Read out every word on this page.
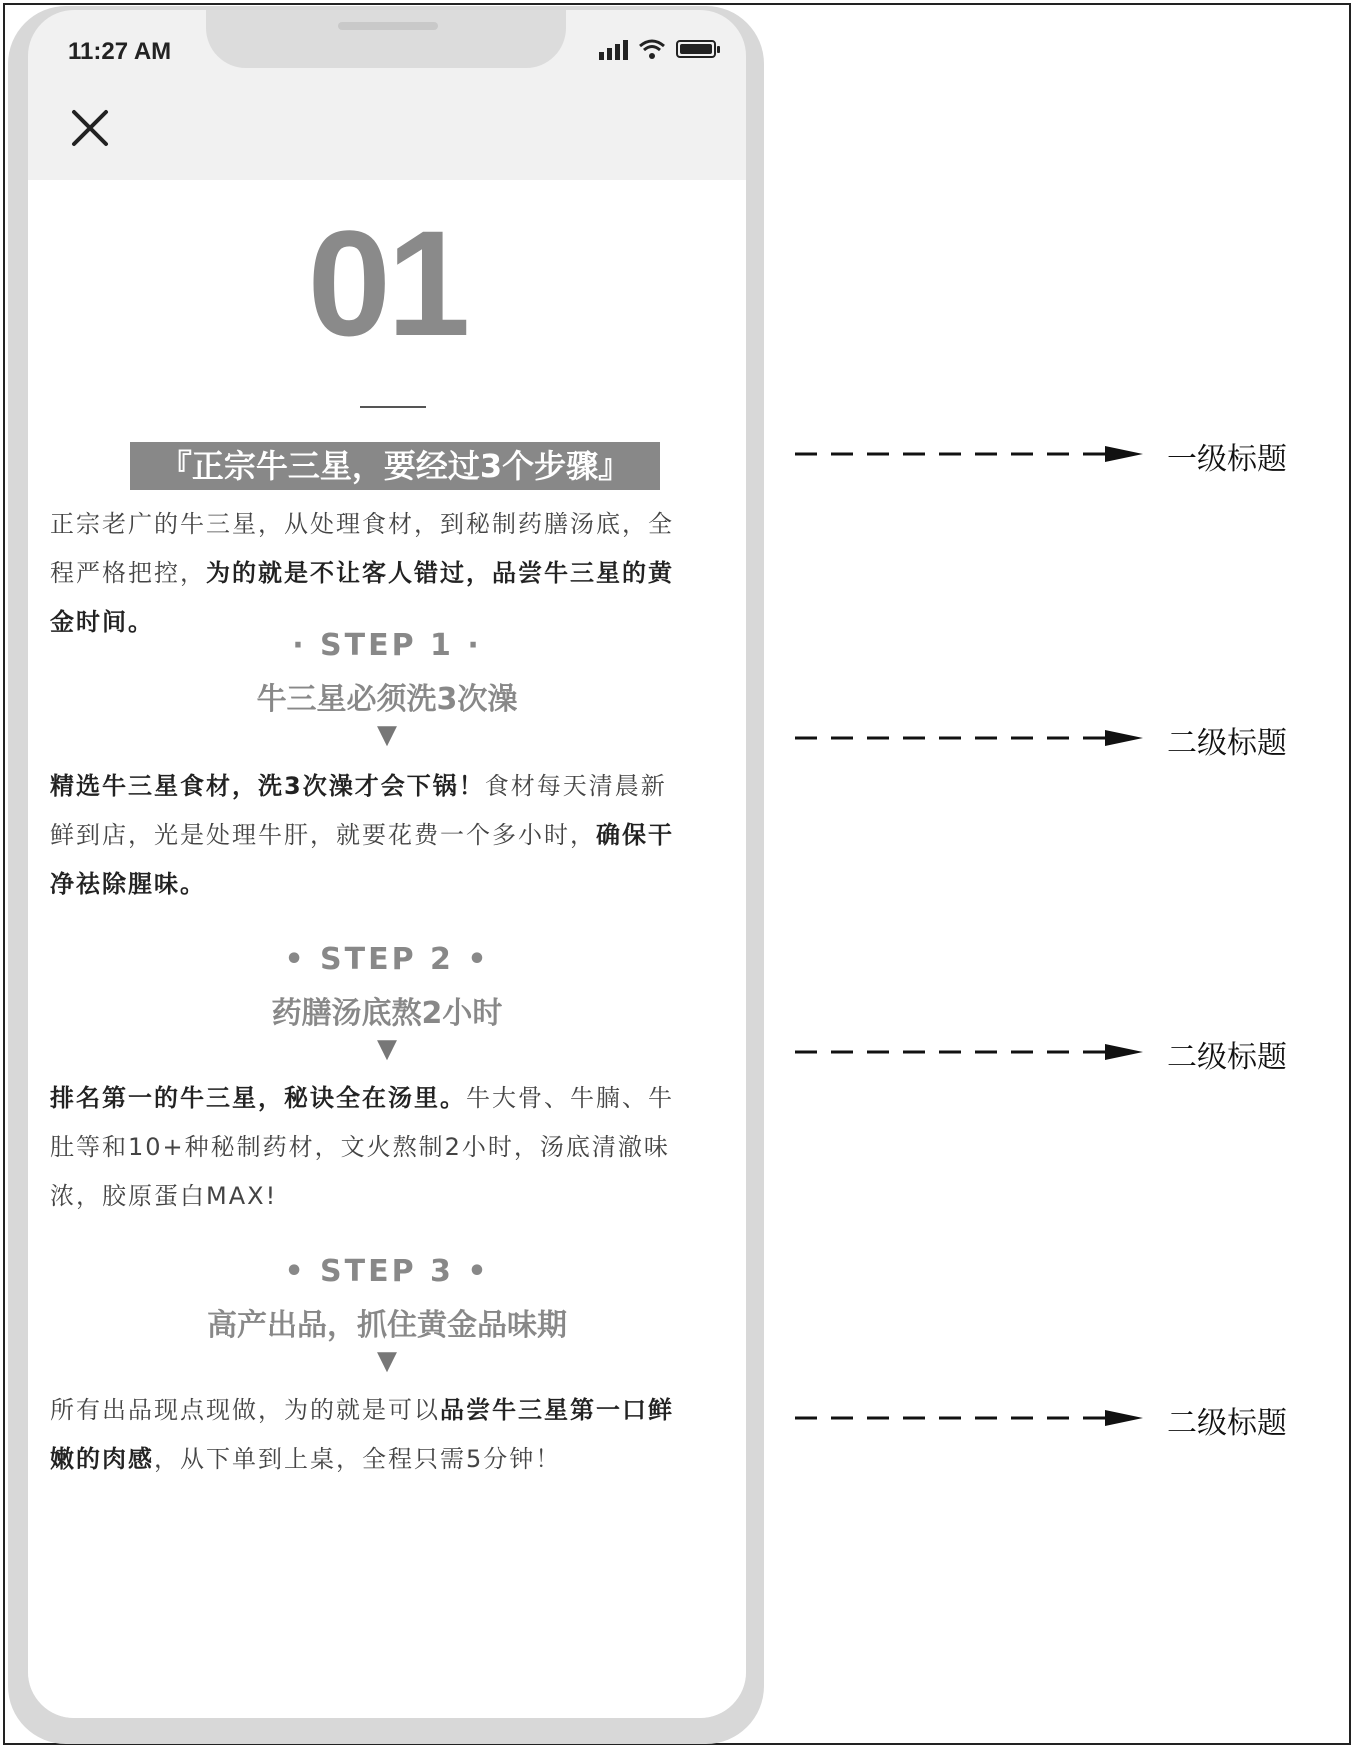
11:27 AM
01
『正宗牛三星，要经过3个步骤』
正宗老广的牛三星，从处理食材，到秘制药膳汤底，全程严格把控，为的就是不让客人错过，品尝牛三星的黄金时间。
· STEP 1 ·
牛三星必须洗3次澡
▼
精选牛三星食材，洗3次澡才会下锅！食材每天清晨新鲜到店，光是处理牛肝，就要花费一个多小时，确保干净祛除腥味。
• STEP 2 •
药膳汤底熬2小时
▼
排名第一的牛三星，秘诀全在汤里。牛大骨、牛腩、牛肚等和10+种秘制药材，文火熬制2小时，汤底清澈味浓，胶原蛋白MAX!
• STEP 3 •
高产出品，抓住黄金品味期
▼
所有出品现点现做，为的就是可以品尝牛三星第一口鲜嫩的肉感，从下单到上桌，全程只需5分钟！
一级标题
二级标题
二级标题
二级标题
